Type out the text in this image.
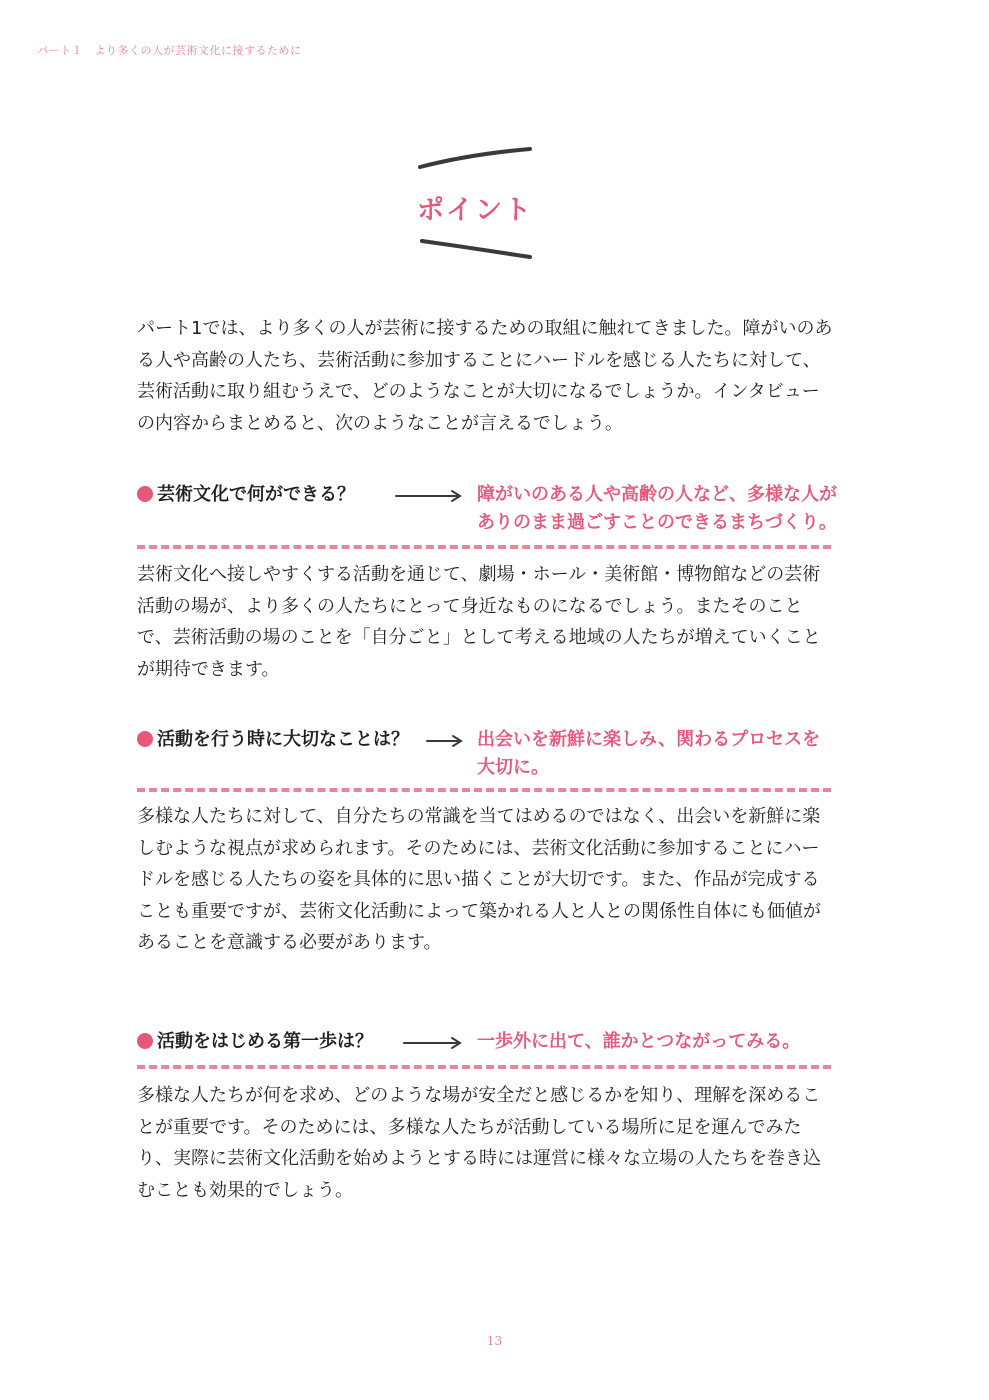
パート１　より多くの人が芸術文化に接するために
ポイント

パート1では、より多くの人が芸術に接するための取組に触れてきました。障がいのある人や高齢の人たち、芸術活動に参加することにハードルを感じる人たちに対して、芸術活動に取り組むうえで、どのようなことが大切になるでしょうか。インタビューの内容からまとめると、次のようなことが言えるでしょう。

芸術文化で何ができる？	障がいのある人や高齢の人など、多様な人がありのまま過ごすことのできるまちづくり。

芸術文化へ接しやすくする活動を通じて、劇場・ホール・美術館・博物館などの芸術活動の場が、より多くの人たちにとって身近なものになるでしょう。またそのことで、芸術活動の場のことを「自分ごと」として考える地域の人たちが増えていくことが期待できます。

活動を行う時に大切なことは？	出会いを新鮮に楽しみ、関わるプロセスを大切に。

多様な人たちに対して、自分たちの常識を当てはめるのではなく、出会いを新鮮に楽しむような視点が求められます。そのためには、芸術文化活動に参加することにハードルを感じる人たちの姿を具体的に思い描くことが大切です。また、作品が完成することも重要ですが、芸術文化活動によって築かれる人と人との関係性自体にも価値があることを意識する必要があります。

活動をはじめる第一歩は？	一歩外に出て、誰かとつながってみる。

多様な人たちが何を求め、どのような場が安全だと感じるかを知り、理解を深めることが重要です。そのためには、多様な人たちが活動している場所に足を運んでみたり、実際に芸術文化活動を始めようとする時には運営に様々な立場の人たちを巻き込むことも効果的でしょう。

13
